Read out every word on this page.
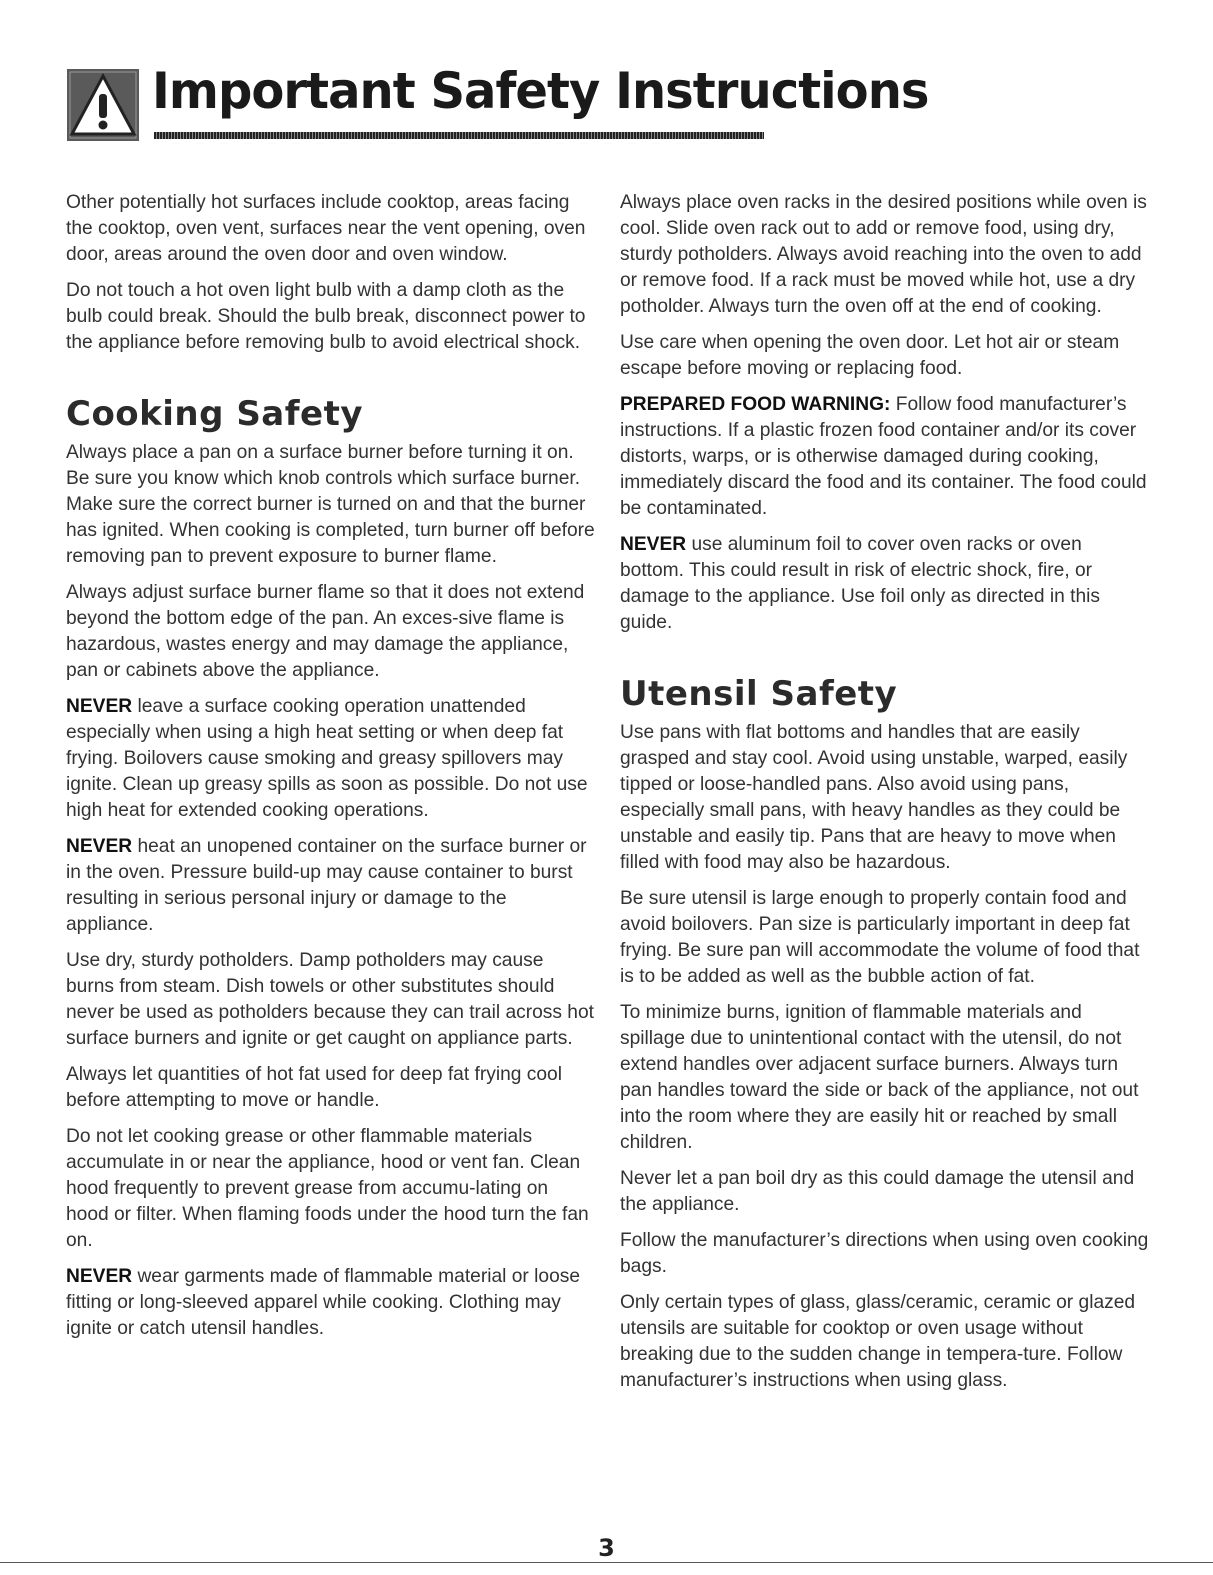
Important Safety Instructions

Other potentially hot surfaces include cooktop, areas facing the cooktop, oven vent, surfaces near the vent opening, oven door, areas around the oven door and oven window.

Do not touch a hot oven light bulb with a damp cloth as the bulb could break. Should the bulb break, disconnect power to the appliance before removing bulb to avoid electrical shock.

Cooking Safety

Always place a pan on a surface burner before turning it on. Be sure you know which knob controls which surface burner. Make sure the correct burner is turned on and that the burner has ignited. When cooking is completed, turn burner off before removing pan to prevent exposure to burner flame.

Always adjust surface burner flame so that it does not extend beyond the bottom edge of the pan. An exces-sive flame is hazardous, wastes energy and may damage the appliance, pan or cabinets above the appliance.

NEVER leave a surface cooking operation unattended especially when using a high heat setting or when deep fat frying. Boilovers cause smoking and greasy spillovers may ignite. Clean up greasy spills as soon as possible. Do not use high heat for extended cooking operations.

NEVER heat an unopened container on the surface burner or in the oven. Pressure build-up may cause container to burst resulting in serious personal injury or damage to the appliance.

Use dry, sturdy potholders. Damp potholders may cause burns from steam. Dish towels or other substitutes should never be used as potholders because they can trail across hot surface burners and ignite or get caught on appliance parts.

Always let quantities of hot fat used for deep fat frying cool before attempting to move or handle.

Do not let cooking grease or other flammable materials accumulate in or near the appliance, hood or vent fan. Clean hood frequently to prevent grease from accumu-lating on hood or filter. When flaming foods under the hood turn the fan on.

NEVER wear garments made of flammable material or loose fitting or long-sleeved apparel while cooking. Clothing may ignite or catch utensil handles.

Always place oven racks in the desired positions while oven is cool. Slide oven rack out to add or remove food, using dry, sturdy potholders. Always avoid reaching into the oven to add or remove food. If a rack must be moved while hot, use a dry potholder. Always turn the oven off at the end of cooking.

Use care when opening the oven door. Let hot air or steam escape before moving or replacing food.

PREPARED FOOD WARNING: Follow food manufacturer’s instructions. If a plastic frozen food container and/or its cover distorts, warps, or is otherwise damaged during cooking, immediately discard the food and its container. The food could be contaminated.

NEVER use aluminum foil to cover oven racks or oven bottom. This could result in risk of electric shock, fire, or damage to the appliance. Use foil only as directed in this guide.

Utensil Safety

Use pans with flat bottoms and handles that are easily grasped and stay cool. Avoid using unstable, warped, easily tipped or loose-handled pans. Also avoid using pans, especially small pans, with heavy handles as they could be unstable and easily tip. Pans that are heavy to move when filled with food may also be hazardous.

Be sure utensil is large enough to properly contain food and avoid boilovers. Pan size is particularly important in deep fat frying. Be sure pan will accommodate the volume of food that is to be added as well as the bubble action of fat.

To minimize burns, ignition of flammable materials and spillage due to unintentional contact with the utensil, do not extend handles over adjacent surface burners. Always turn pan handles toward the side or back of the appliance, not out into the room where they are easily hit or reached by small children.

Never let a pan boil dry as this could damage the utensil and the appliance.

Follow the manufacturer’s directions when using oven cooking bags.

Only certain types of glass, glass/ceramic, ceramic or glazed utensils are suitable for cooktop or oven usage without breaking due to the sudden change in tempera-ture. Follow manufacturer’s instructions when using glass.

3
